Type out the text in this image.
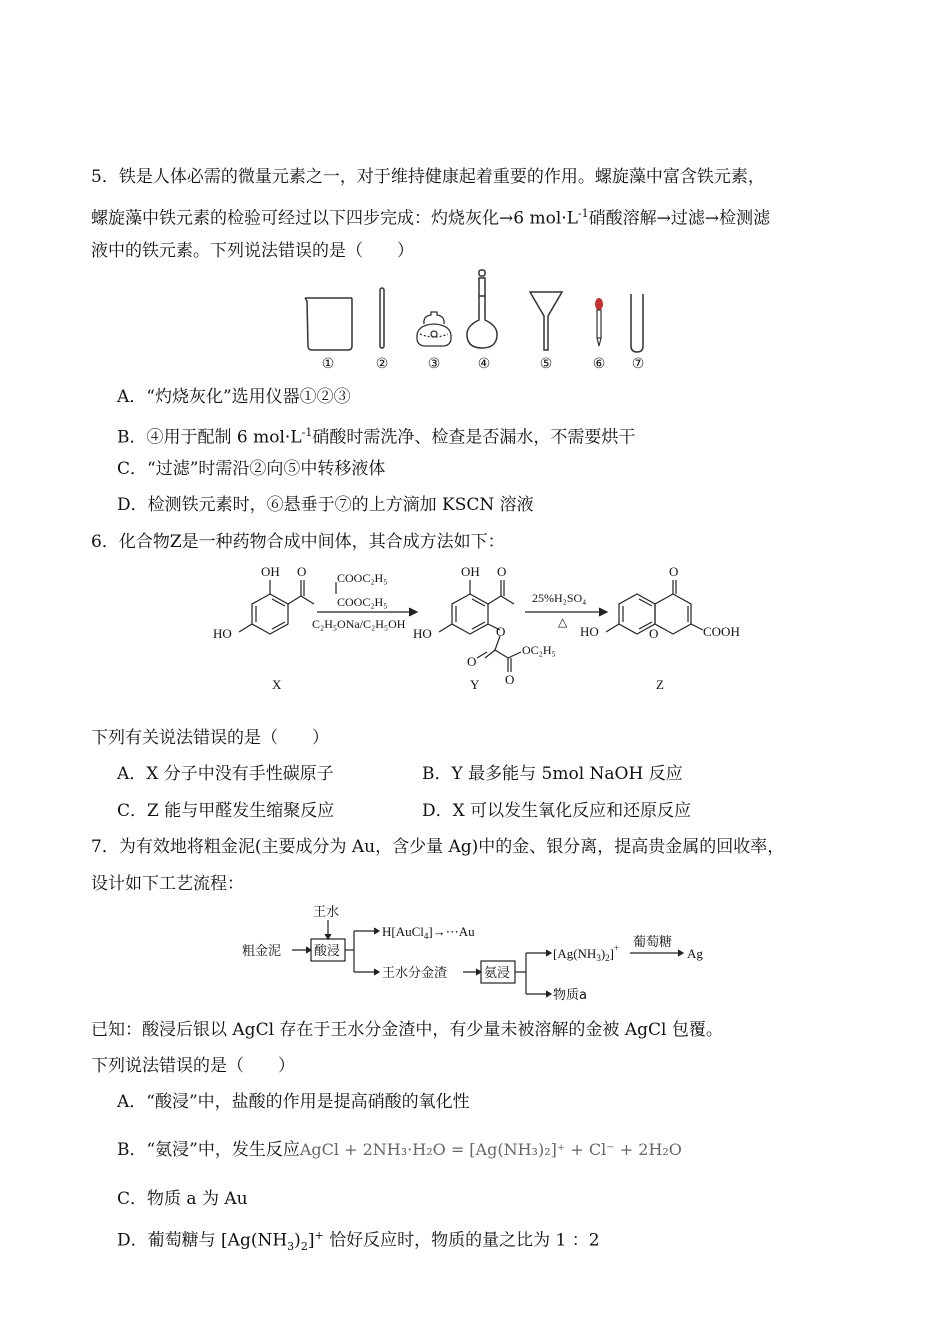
5．铁是人体必需的微量元素之一，对于维持健康起着重要的作用。螺旋藻中富含铁元素，
螺旋藻中铁元素的检验可经过以下四步完成：灼烧灰化→6 $mol\cdot L^{-1}$硝酸溶解→过滤→检测滤
液中的铁元素。下列说法错误的是（　　）
①	②	③	④	⑤	⑥ ⑦
A．“灼烧灰化”选用仪器①②③
B．④用于配制 6 $mol\cdot L^{-1}$硝酸时需洗净、检查是否漏水，不需要烘干
C．“过滤”时需沿②向⑤中转移液体
D．检测铁元素时，⑥悬垂于⑦的上方滴加 KSCN 溶液
6．化合物Z是一种药物合成中间体，其合成方法如下：
OH O
HO
COOC₂H₅
COOC₂H₅
C₂H₅ONa/C₂H₅OH
OH O
HO	O
O
OC₂H₅
O
25%H₂SO₄
△
O
O
HO	COOH
X	Y	Z
下列有关说法错误的是（　　）
A．X 分子中没有手性碳原子	B．Y 最多能与 5mol NaOH 反应
C．Z 能与甲醛发生缩聚反应	D．X 可以发生氧化反应和还原反应
7．为有效地将粗金泥(主要成分为 Au，含少量 Ag)中的金、银分离，提高贵金属的回收率，
设计如下工艺流程：
粗金泥
王水
酸浸
H[AuCl$_4$]→⋯Au
王水分金渣	氨浸
$[Ag(NH_3)_2]^+$ 葡萄糖
Ag
物质a
已知：酸浸后银以 AgCl 存在于王水分金渣中，有少量未被溶解的金被 AgCl 包覆。
下列说法错误的是（　　）
A．“酸浸”中，盐酸的作用是提高硝酸的氧化性
B．“氨浸”中，发生反应AgCl + 2NH₃·H₂O = [Ag(NH₃)₂]⁺ + Cl⁻ + 2H₂O
C．物质 a 为 Au
D．葡萄糖与 $[Ag(NH_3)_2]^+$ 恰好反应时，物质的量之比为 1 ：2
